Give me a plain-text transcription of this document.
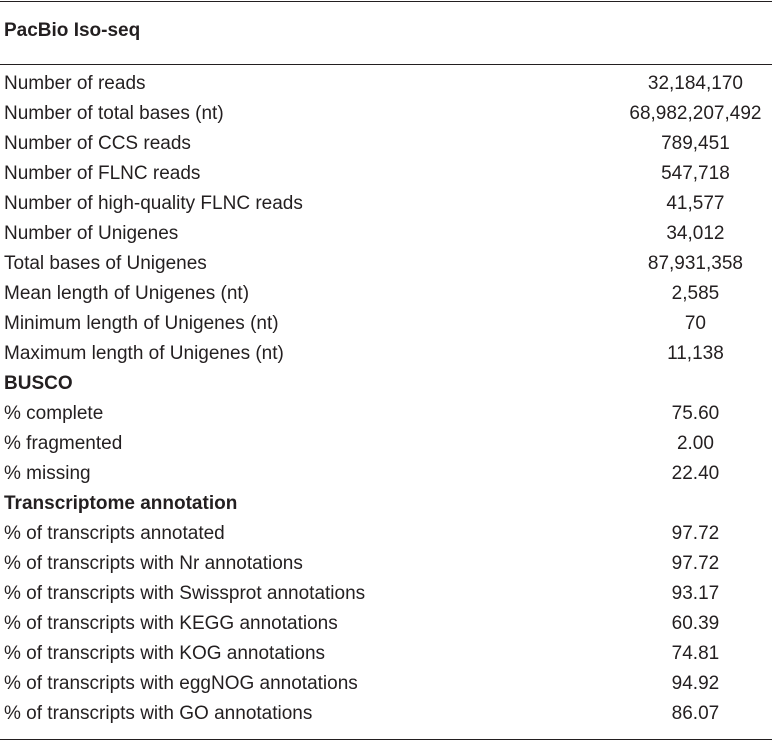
PacBio Iso-seq
Number of reads	32,184,170
Number of total bases (nt)	68,982,207,492
Number of CCS reads	789,451
Number of FLNC reads	547,718
Number of high-quality FLNC reads	41,577
Number of Unigenes	34,012
Total bases of Unigenes	87,931,358
Mean length of Unigenes (nt)	2,585
Minimum length of Unigenes (nt)	70
Maximum length of Unigenes (nt)	11,138
BUSCO
% complete	75.60
% fragmented	2.00
% missing	22.40
Transcriptome annotation
% of transcripts annotated	97.72
% of transcripts with Nr annotations	97.72
% of transcripts with Swissprot annotations	93.17
% of transcripts with KEGG annotations	60.39
% of transcripts with KOG annotations	74.81
% of transcripts with eggNOG annotations	94.92
% of transcripts with GO annotations	86.07
